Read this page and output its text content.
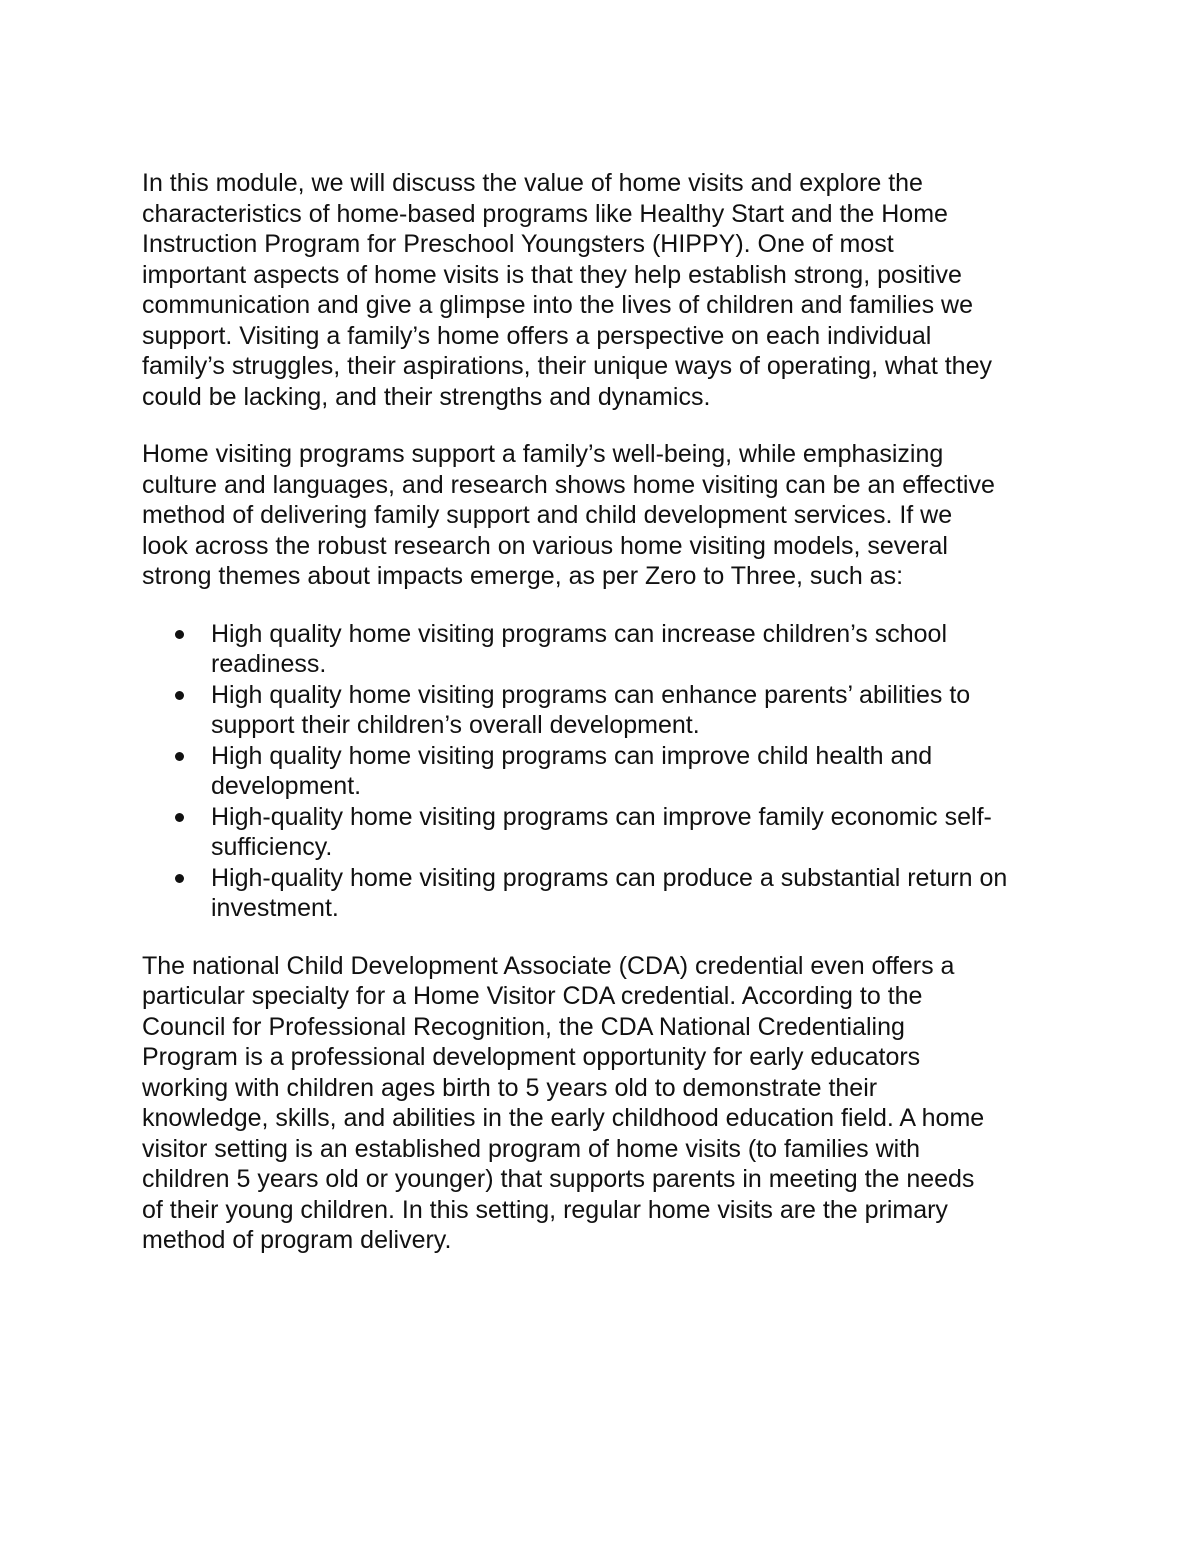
In this module, we will discuss the value of home visits and explore the
characteristics of home-based programs like Healthy Start and the Home
Instruction Program for Preschool Youngsters (HIPPY). One of most
important aspects of home visits is that they help establish strong, positive
communication and give a glimpse into the lives of children and families we
support. Visiting a family’s home offers a perspective on each individual
family’s struggles, their aspirations, their unique ways of operating, what they
could be lacking, and their strengths and dynamics.

Home visiting programs support a family’s well-being, while emphasizing
culture and languages, and research shows home visiting can be an effective
method of delivering family support and child development services. If we
look across the robust research on various home visiting models, several
strong themes about impacts emerge, as per Zero to Three, such as:

High quality home visiting programs can increase children’s school
readiness.
High quality home visiting programs can enhance parents’ abilities to
support their children’s overall development.
High quality home visiting programs can improve child health and
development.
High-quality home visiting programs can improve family economic self-
sufficiency.
High-quality home visiting programs can produce a substantial return on
investment.

The national Child Development Associate (CDA) credential even offers a
particular specialty for a Home Visitor CDA credential. According to the
Council for Professional Recognition, the CDA National Credentialing
Program is a professional development opportunity for early educators
working with children ages birth to 5 years old to demonstrate their
knowledge, skills, and abilities in the early childhood education field. A home
visitor setting is an established program of home visits (to families with
children 5 years old or younger) that supports parents in meeting the needs
of their young children. In this setting, regular home visits are the primary
method of program delivery.
